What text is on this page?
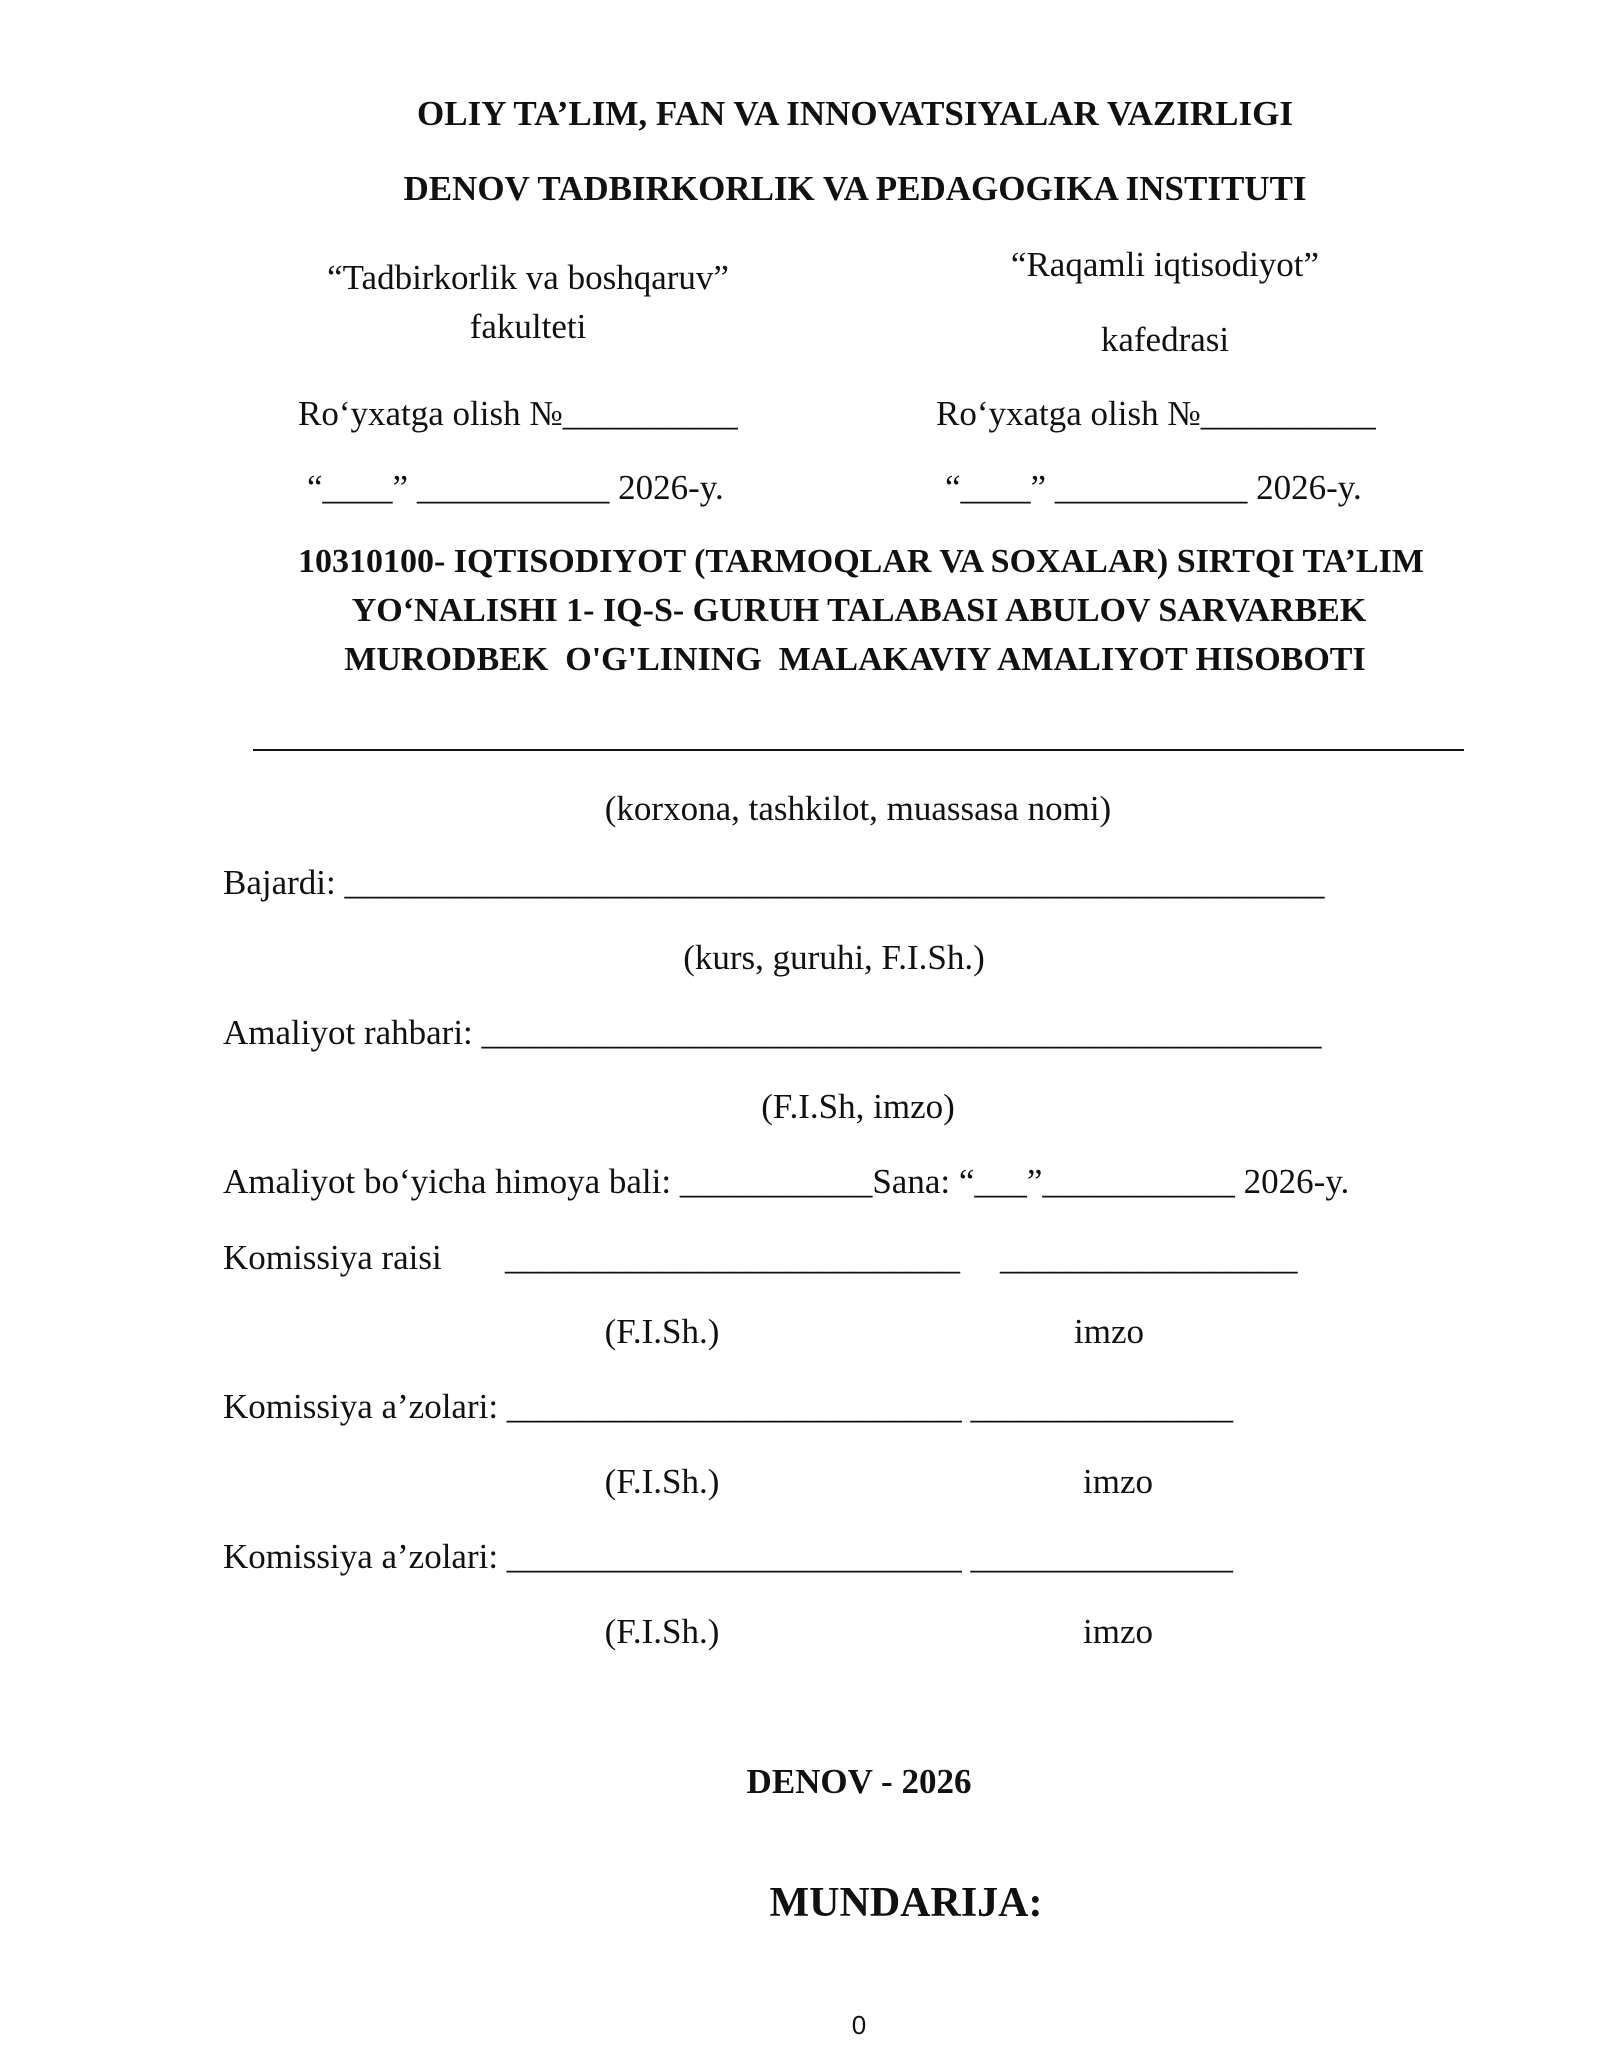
OLIY TA’LIM, FAN VA INNOVATSIYALAR VAZIRLIGI
DENOV TADBIRKORLIK VA PEDAGOGIKA INSTITUTI
“Tadbirkorlik va boshqaruv”
fakulteti
Ro‘yxatga olish №__________
“____” ___________ 2026-y.
“Raqamli iqtisodiyot”
kafedrasi
Ro‘yxatga olish №__________
“____” ___________ 2026-y.
10310100- IQTISODIYOT (TARMOQLAR VA SOXALAR) SIRTQI TA’LIM
YO‘NALISHI 1- IQ-S- GURUH TALABASI ABULOV SARVARBEK
MURODBEK  O'G'LINING  MALAKAVIY AMALIYOT HISOBOTI
(korxona, tashkilot, muassasa nomi)
Bajardi: ________________________________________________________
(kurs, guruhi, F.I.Sh.)
Amaliyot rahbari: ________________________________________________
(F.I.Sh, imzo)
Amaliyot bo‘yicha himoya bali: ___________Sana: “___”___________ 2026-y.
Komissiya raisi __________________________ _________________
(F.I.Sh.)	imzo
Komissiya a’zolari: __________________________ _______________
(F.I.Sh.)	imzo
Komissiya a’zolari: __________________________ _______________
(F.I.Sh.)	imzo
DENOV - 2026
MUNDARIJA:
0
